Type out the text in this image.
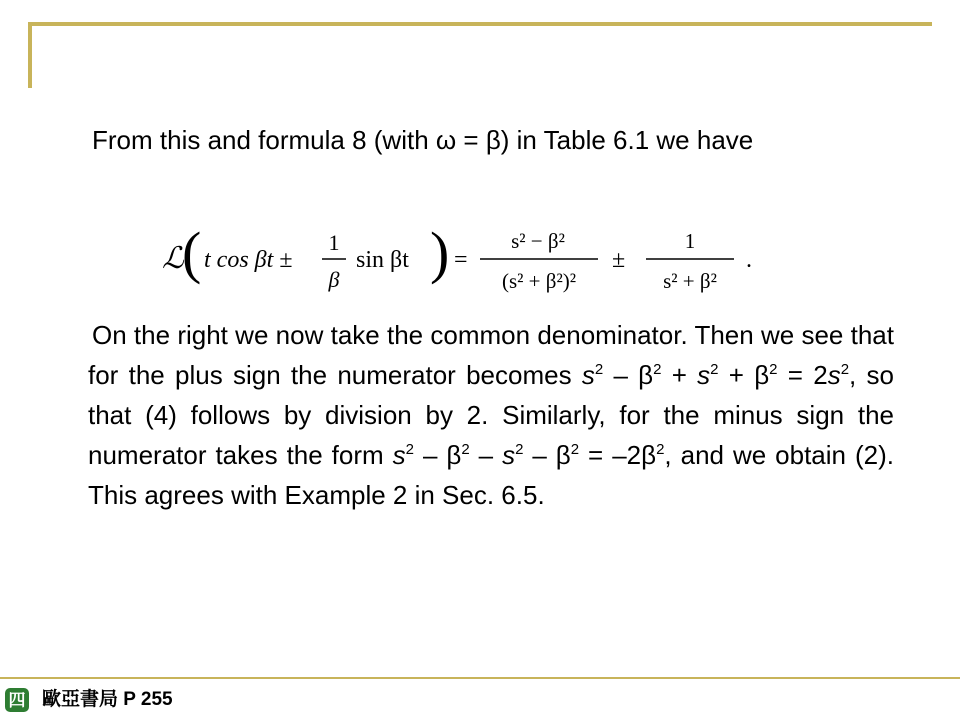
From this and formula 8 (with ω = β) in Table 6.1 we have
ℒ
( t cos βt ±
1
β
sin βt ) =
s² − β²
(s² + β²)²
±
1
s² + β²
.
On the right we now take the common denominator. Then we see that for the plus sign the numerator becomes $s^2 - \beta^2 + s^2 + \beta^2 = 2s^2$, so that (4) follows by division by 2. Similarly, for the minus sign the numerator takes the form $s^2 - \beta^2 - s^2 - \beta^2 = -2\beta^2$, and we obtain (2). This agrees with Example 2 in Sec. 6.5.
四 歐亞書局 P 255
